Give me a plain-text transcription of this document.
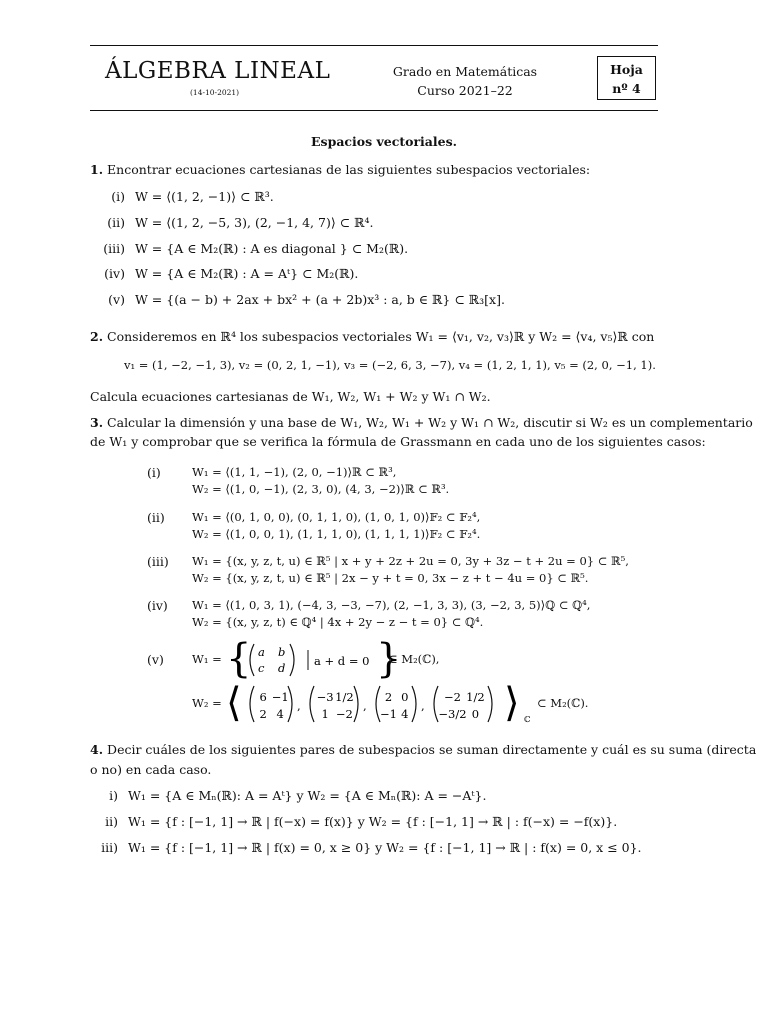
ÁLGEBRA LINEAL
(14-10-2021)
Grado en Matemáticas
Curso 2021–22
Hoja
nº 4
Espacios vectoriales.
1. Encontrar ecuaciones cartesianas de las siguientes subespacios vectoriales:
(i) W = ⟨(1, 2, −1)⟩ ⊂ ℝ³.
(ii) W = ⟨(1, 2, −5, 3), (2, −1, 4, 7)⟩ ⊂ ℝ⁴.
(iii) W = {A ∈ M₂(ℝ) : A es diagonal } ⊂ M₂(ℝ).
(iv) W = {A ∈ M₂(ℝ) : A = Aᵗ} ⊂ M₂(ℝ).
(v) W = {(a − b) + 2ax + bx² + (a + 2b)x³ : a, b ∈ ℝ} ⊂ ℝ₃[x].
2. Consideremos en ℝ⁴ los subespacios vectoriales W₁ = ⟨v₁, v₂, v₃⟩ℝ y W₂ = ⟨v₄, v₅⟩ℝ con
v₁ = (1, −2, −1, 3), v₂ = (0, 2, 1, −1), v₃ = (−2, 6, 3, −7), v₄ = (1, 2, 1, 1), v₅ = (2, 0, −1, 1).
Calcula ecuaciones cartesianas de W₁, W₂, W₁ + W₂ y W₁ ∩ W₂.
3. Calcular la dimensión y una base de W₁, W₂, W₁ + W₂ y W₁ ∩ W₂, discutir si W₂ es un complementario
de W₁ y comprobar que se verifica la fórmula de Grassmann en cada uno de los siguientes casos:
(i)	W₁ = ⟨(1, 1, −1), (2, 0, −1)⟩ℝ ⊂ ℝ³,
W₂ = ⟨(1, 0, −1), (2, 3, 0), (4, 3, −2)⟩ℝ ⊂ ℝ³.
(ii) W₁ = ⟨(0, 1, 0, 0), (0, 1, 1, 0), (1, 0, 1, 0)⟩𝔽₂ ⊂ 𝔽₂⁴,
W₂ = ⟨(1, 0, 0, 1), (1, 1, 1, 0), (1, 1, 1, 1)⟩𝔽₂ ⊂ 𝔽₂⁴.
(iii) W₁ = {(x, y, z, t, u) ∈ ℝ⁵ | x + y + 2z + 2u = 0, 3y + 3z − t + 2u = 0} ⊂ ℝ⁵,
W₂ = {(x, y, z, t, u) ∈ ℝ⁵ | 2x − y + t = 0, 3x − z + t − 4u = 0} ⊂ ℝ⁵.
(iv) W₁ = ⟨(1, 0, 3, 1), (−4, 3, −3, −7), (2, −1, 3, 3), (3, −2, 3, 5)⟩ℚ ⊂ ℚ⁴,
W₂ = {(x, y, z, t) ∈ ℚ⁴ | 4x + 2y − z − t = 0} ⊂ ℚ⁴.
(v) W₁ = { a b
c d a + d = 0 }
⊂ M₂(ℂ),
W₂ = ⟨ 6 −1
2 4
,
−3 1/2
1 −2
,
2 0
−1 4
,
−2 1/2
−3/2 0 ⟩ ℂ
⊂ M₂(ℂ).
4. Decir cuáles de los siguientes pares de subespacios se suman directamente y cuál es su suma (directa
o no) en cada caso.
i) W₁ = {A ∈ Mₙ(ℝ): A = Aᵗ} y W₂ = {A ∈ Mₙ(ℝ): A = −Aᵗ}.
ii) W₁ = {f : [−1, 1] → ℝ | f(−x) = f(x)} y W₂ = {f : [−1, 1] → ℝ | : f(−x) = −f(x)}.
iii) W₁ = {f : [−1, 1] → ℝ | f(x) = 0, x ≥ 0} y W₂ = {f : [−1, 1] → ℝ | : f(x) = 0, x ≤ 0}.
